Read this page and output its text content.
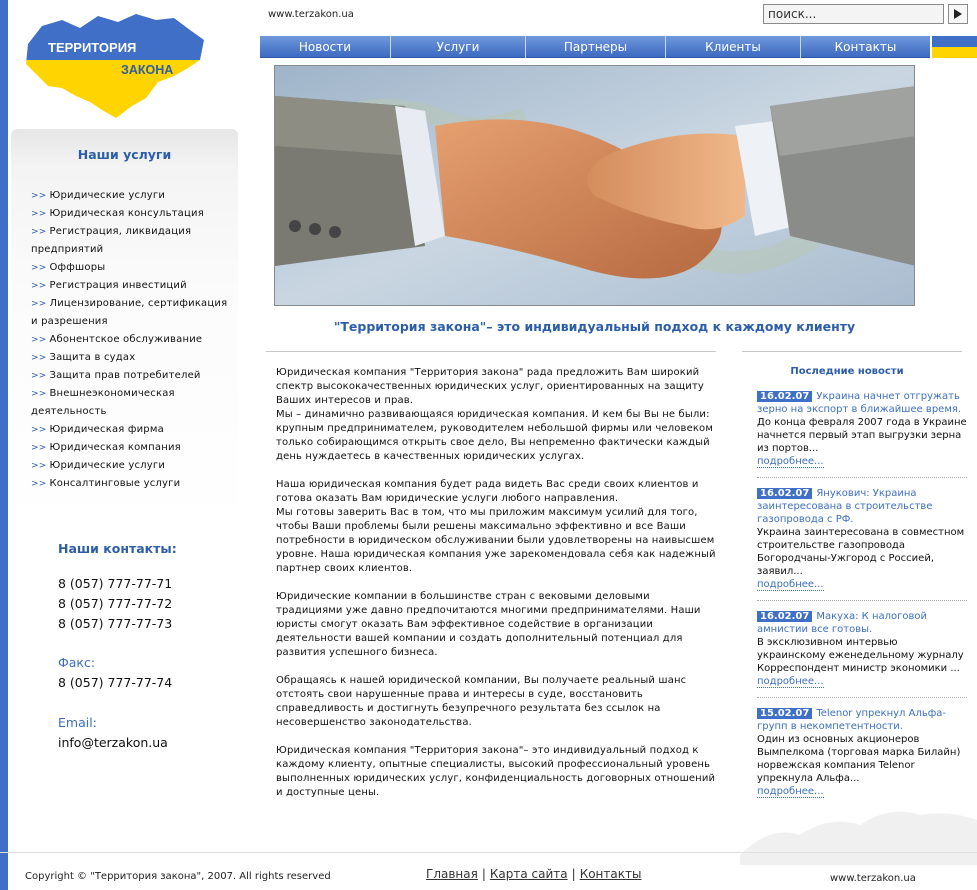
ТЕРРИТОРИЯ
ЗАКОНА
www.terzakon.ua
поиск...
Новости	Услуги	Партнеры	Клиенты	Контакты
"Территория закона"– это индивидуальный подход к каждому клиенту
Наши услуги
>> Юридические услуги
>> Юридическая консультация
>> Регистрация, ликвидация предприятий
>> Оффшоры
>> Регистрация инвестиций
>> Лицензирование, сертификация и разрешения
>> Абонентское обслуживание
>> Защита в судах
>> Защита прав потребителей
>> Внешнеэкономическая деятельность
>> Юридическая фирма
>> Юридическая компания
>> Юридические услуги
>> Консалтинговые услуги
Наши контакты:
8 (057) 777-77-71
8 (057) 777-77-72
8 (057) 777-77-73
Факс:
8 (057) 777-77-74
Email:
info@terzakon.ua

Юридическая компания "Территория закона" рада предложить Вам широкий спектр высококачественных юридических услуг, ориентированных на защиту Ваших интересов и прав.
Мы – динамично развивающаяся юридическая компания. И кем бы Вы не были: крупным предпринимателем, руководителем небольшой фирмы или человеком только собирающимся открыть свое дело, Вы непременно фактически каждый день нуждаетесь в качественных юридических услугах.

Наша юридическая компания будет рада видеть Вас среди своих клиентов и готова оказать Вам юридические услуги любого направления.
Мы готовы заверить Вас в том, что мы приложим максимум усилий для того, чтобы Ваши проблемы были решены максимально эффективно и все Ваши потребности в юридическом обслуживании были удовлетворены на наивысшем уровне. Наша юридическая компания уже зарекомендовала себя как надежный партнер своих клиентов.

Юридические компании в большинстве стран с вековыми деловыми традициями уже давно предпочитаются многими предпринимателями. Наши юристы смогут оказать Вам эффективное содействие в организации деятельности вашей компании и создать дополнительный потенциал для развития успешного бизнеса.

Обращаясь к нашей юридической компании, Вы получаете реальный шанс отстоять свои нарушенные права и интересы в суде, восстановить справедливость и достигнуть безупречного результата без ссылок на несовершенство законодательства.

Юридическая компания "Территория закона"– это индивидуальный подход к каждому клиенту, опытные специалисты, высокий профессиональный уровень выполненных юридических услуг, конфиденциальность договорных отношений и доступные цены.

Последние новости
16.02.07 Украина начнет отгружать зерно на экспорт в ближайшее время.
До конца февраля 2007 года в Украине начнется первый этап выгрузки зерна из портов...
подробнее...
16.02.07 Янукович: Украина заинтересована в строительстве газопровода с РФ.
Украина заинтересована в совместном строительстве газопровода Богородчаны-Ужгород с Россией, заявил...
подробнее...
16.02.07 Макуха: К налоговой амнистии все готовы.
В эксклюзивном интервью украинскому еженедельному журналу Корреспондент министр экономики ...
подробнее...
15.02.07 Telenor упрекнул Альфа-групп в некомпетентности.
Один из основных акционеров Вымпелкома (торговая марка Билайн) норвежская компания Telenor упрекнула Альфа...
подробнее...
Copyright © "Территория закона", 2007. All rights reserved	Главная | Карта сайта | Контакты	www.terzakon.ua
